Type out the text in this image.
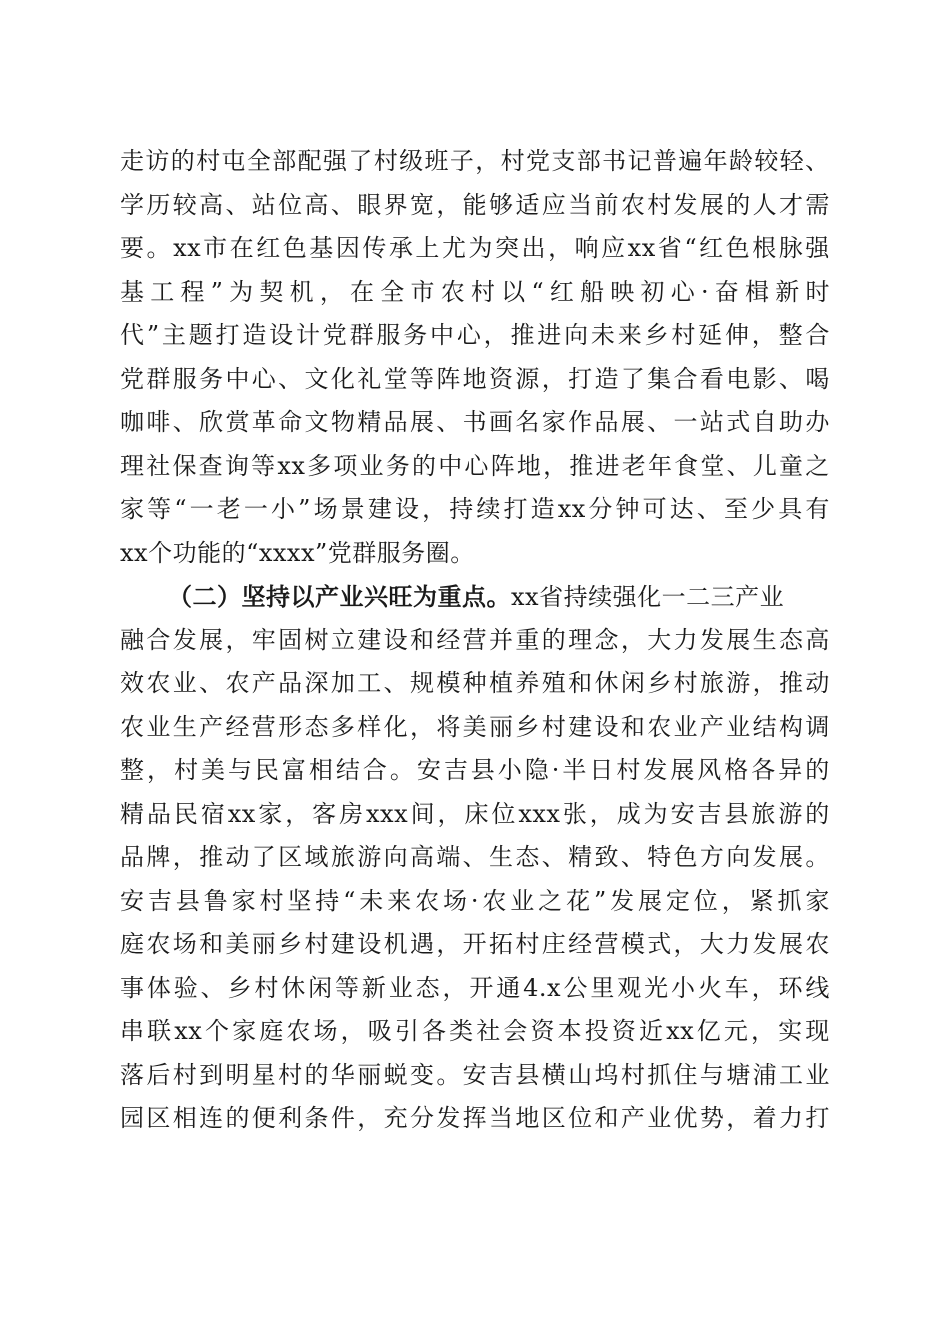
走 访 的 村 屯 全 部 配 强 了 村 级 班 子 ， 村 党 支 部 书 记 普 遍 年 龄 较 轻 、
学 历 较 高 、 站 位 高 、 眼 界 宽 ， 能 够 适 应 当 前 农 村 发 展 的 人 才 需
要 。 xx 市 在 红 色 基 因 传 承 上 尤 为 突 出 ， 响 应 xx 省 “ 红 色 根 脉 强
基 工 程 ” 为 契 机 ， 在 全 市 农 村 以 “ 红 船 映 初 心 · 奋 楫 新 时
代 ” 主 题 打 造 设 计 党 群 服 务 中 心 ， 推 进 向 未 来 乡 村 延 伸 ， 整 合
党 群 服 务 中 心 、 文 化 礼 堂 等 阵 地 资 源 ， 打 造 了 集 合 看 电 影 、 喝
咖 啡 、 欣 赏 革 命 文 物 精 品 展 、 书 画 名 家 作 品 展 、 一 站 式 自 助 办
理 社 保 查 询 等 xx 多 项 业 务 的 中 心 阵 地 ， 推 进 老 年 食 堂 、 儿 童 之
家 等 “ 一 老 一 小 ” 场 景 建 设 ， 持 续 打 造 xx 分 钟 可 达 、 至 少 具 有
xx个功能的“xxxx”党群服务圈。
（二）坚持以产业兴旺为重点。xx省持续强化一二三产业
融 合 发 展 ， 牢 固 树 立 建 设 和 经 营 并 重 的 理 念 ， 大 力 发 展 生 态 高
效 农 业 、 农 产 品 深 加 工 、 规 模 种 植 养 殖 和 休 闲 乡 村 旅 游 ， 推 动
农 业 生 产 经 营 形 态 多 样 化 ， 将 美 丽 乡 村 建 设 和 农 业 产 业 结 构 调
整 ， 村 美 与 民 富 相 结 合 。 安 吉 县 小 隐 · 半 日 村 发 展 风 格 各 异 的
精 品 民 宿 xx 家 ， 客 房 xxx 间 ， 床 位 xxx 张 ， 成 为 安 吉 县 旅 游 的
品 牌 ， 推 动 了 区 域 旅 游 向 高 端 、 生 态 、 精 致 、 特 色 方 向 发 展 。
安 吉 县 鲁 家 村 坚 持 “ 未 来 农 场 · 农 业 之 花 ” 发 展 定 位 ， 紧 抓 家
庭 农 场 和 美 丽 乡 村 建 设 机 遇 ， 开 拓 村 庄 经 营 模 式 ， 大 力 发 展 农
事 体 验 、 乡 村 休 闲 等 新 业 态 ， 开 通 4.x 公 里 观 光 小 火 车 ， 环 线
串 联 xx 个 家 庭 农 场 ， 吸 引 各 类 社 会 资 本 投 资 近 xx 亿 元 ， 实 现
落 后 村 到 明 星 村 的 华 丽 蜕 变 。 安 吉 县 横 山 坞 村 抓 住 与 塘 浦 工 业
园 区 相 连 的 便 利 条 件 ， 充 分 发 挥 当 地 区 位 和 产 业 优 势 ， 着 力 打
